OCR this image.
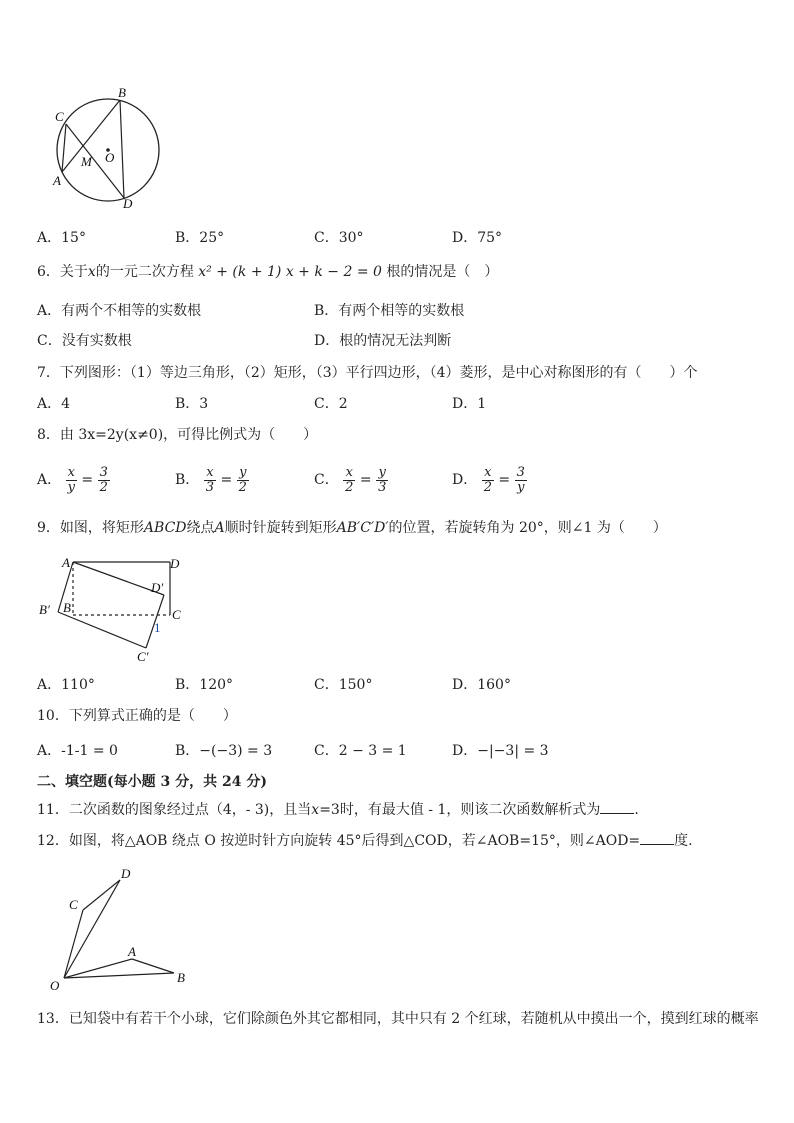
B
C
O
M
A
D
A．15°	B．25°	C．30°	D．75°
6．关于x的一元二次方程 x² + (k + 1) x + k − 2 = 0 根的情况是（　）
A．有两个不相等的实数根	B．有两个相等的实数根
C．没有实数根	D．根的情况无法判断
7．下列图形：（1）等边三角形，（2）矩形，（3）平行四边形，（4）菱形，是中心对称图形的有（　　）个
A．4	B．3	C．2	D．1
8．由 3x=2y(x≠0)，可得比例式为（　　）
A． $\frac{x}{y} = \frac{3}{2}$	B． $\frac{x}{3} = \frac{y}{2}$	C． $\frac{x}{2} = \frac{y}{3}$	D． $\frac{x}{2} = \frac{3}{y}$
9．如图，将矩形ABCD绕点A顺时针旋转到矩形AB′C′D′的位置，若旋转角为 20°，则∠1 为（　　）
A	D
D′
B′ B	C
1
C′
A．110°	B．120°	C．150°	D．160°
10．下列算式正确的是（　　）
A．-1-1 = 0	B．−(−3) = 3	C．2 − 3 = 1	D．−|−3| = 3
二、填空题(每小题 3 分，共 24 分)
11．二次函数的图象经过点（4，- 3)，且当x=3时，有最大值 - 1，则该二次函数解析式为 .
12．如图，将△AOB 绕点 O 按逆时针方向旋转 45°后得到△COD，若∠AOB=15°，则∠AOD= 度.
D
C
A
O
B
13．已知袋中有若干个小球，它们除颜色外其它都相同，其中只有 2 个红球，若随机从中摸出一个，摸到红球的概率
